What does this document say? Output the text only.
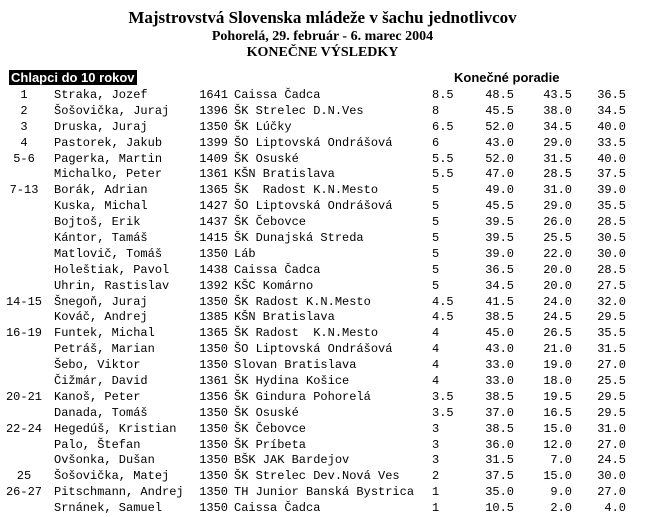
Majstrovstvá Slovenska mládeže v šachu jednotlivcov
Pohorelá, 29. február - 6. marec 2004
KONEČNE VÝSLEDKY
Chlapci do 10 rokov	Konečné poradie
1	Straka, Jozef	1641 Caissa Čadca	8.5	48.5	43.5	36.5
2	Šošovička, Juraj 1396 ŠK Strelec D.N.Ves	8	45.5	38.0	34.5
3	Druska, Juraj	1350 ŠK Lúčky	6.5	52.0	34.5	40.0
4	Pastorek, Jakub	1399 ŠO Liptovská Ondrášová	6	43.0	29.0	33.5
5-6	Pagerka, Martin	1409 ŠK Osuské	5.5	52.0	31.5	40.0
Michalko, Peter	1361 KŠN Bratislava	5.5	47.0	28.5	37.5
7-13	Borák, Adrian	1365 ŠK  Radost K.N.Mesto	5	49.0	31.0	39.0
Kuska, Michal	1427 ŠO Liptovská Ondrášová	5	45.5	29.0	35.5
Bojtoš, Erik	1437 ŠK Čebovce	5	39.5	26.0	28.5
Kántor, Tamáš	1415 ŠK Dunajská Streda	5	39.5	25.5	30.5
Matlovič, Tomáš	1350 Láb	5	39.0	22.0	30.0
Holeštiak, Pavol 1438 Caissa Čadca	5	36.5	20.0	28.5
Uhrin, Rastislav 1392 KŠC Komárno	5	34.5	20.0	27.5
14-15	Šnegoň, Juraj	1350 ŠK Radost K.N.Mesto	4.5	41.5	24.0	32.0
Kováč, Andrej	1385 KŠN Bratislava	4.5	38.5	24.5	29.5
16-19	Funtek, Michal	1365 ŠK Radost  K.N.Mesto	4	45.0	26.5	35.5
Petráš, Marian	1350 ŠO Liptovská Ondrášová	4	43.0	21.0	31.5
Šebo, Viktor	1350 Slovan Bratislava	4	33.0	19.0	27.0
Čižmár, David	1361 ŠK Hydina Košice	4	33.0	18.0	25.5
20-21	Kanoš, Peter	1356 ŠK Gindura Pohorelá	3.5	38.5	19.5	29.5
Danada, Tomáš	1350 ŠK Osuské	3.5	37.0	16.5	29.5
22-24	Hegedúš, Kristian 1350 ŠK Čebovce	3	38.5	15.0	31.0
Palo, Štefan	1350 ŠK Príbeta	3	36.0	12.0	27.0
Ovšonka, Dušan	1350 BŠK JAK Bardejov	3	31.5	7.0	24.5
25	Šošovička, Matej 1350 ŠK Strelec Dev.Nová Ves	2	37.5	15.0	30.0
26-27	Pitschmann, Andrej 1350 TH Junior Banská Bystrica 1	35.0	9.0	27.0
Srnánek, Samuel	1350 Caissa Čadca	1	10.5	2.0	4.0
